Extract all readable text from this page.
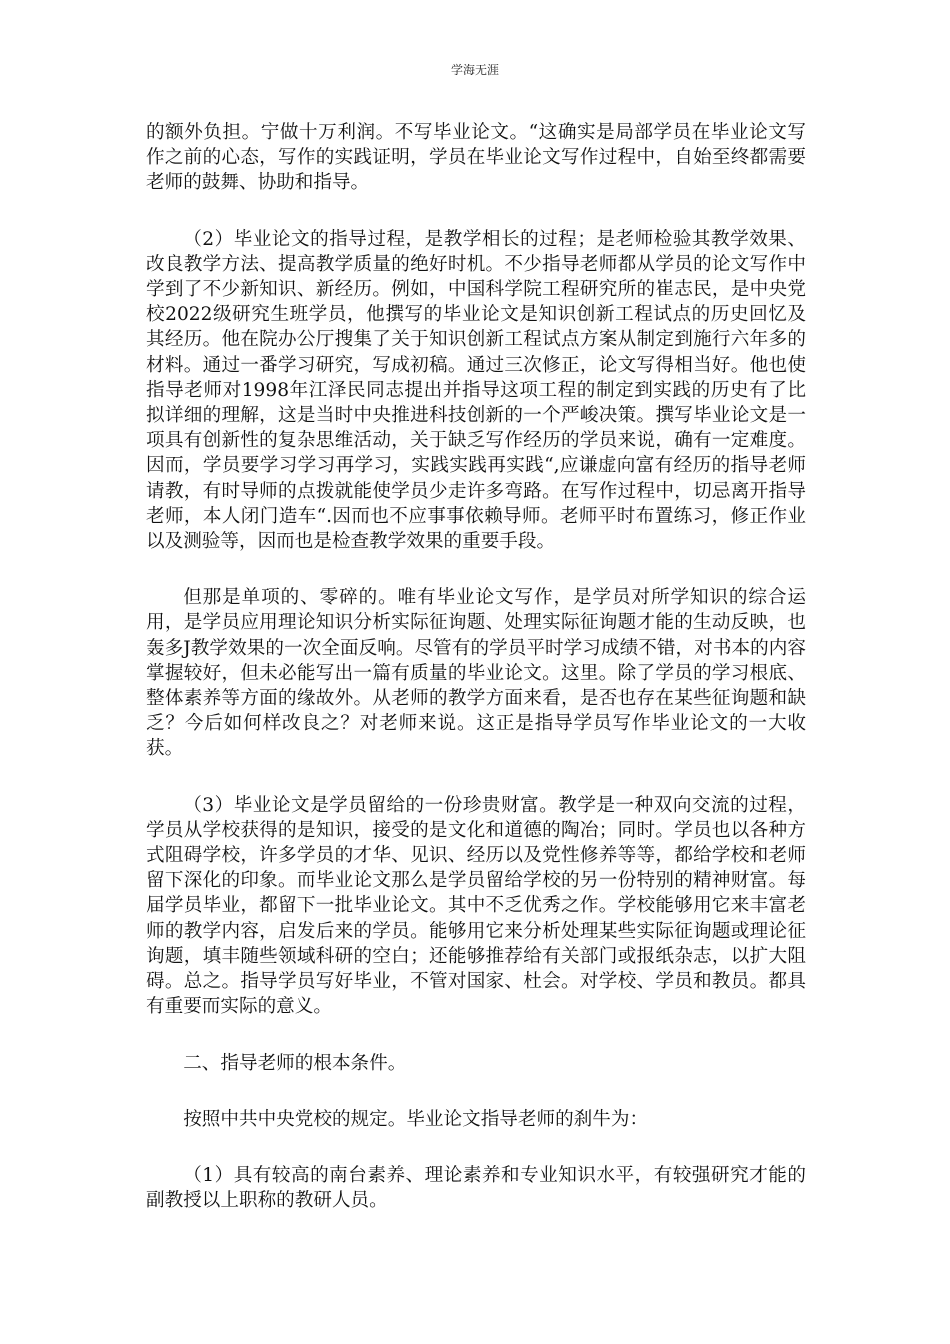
学海无涯

的额外负担。宁做十万利润。不写毕业论文。“这确实是局部学员在毕业论文写作之前的心态，写作的实践证明，学员在毕业论文写作过程中，自始至终都需要老师的鼓舞、协助和指导。

（2）毕业论文的指导过程，是教学相长的过程；是老师检验其教学效果、改良教学方法、提高教学质量的绝好时机。不少指导老师都从学员的论文写作中学到了不少新知识、新经历。例如，中国科学院工程研究所的崔志民，是中央党校2022级研究生班学员，他撰写的毕业论文是知识创新工程试点的历史回忆及其经历。他在院办公厅搜集了关于知识创新工程试点方案从制定到施行六年多的材料。通过一番学习研究，写成初稿。通过三次修正，论文写得相当好。他也使指导老师对1998年江泽民同志提出并指导这项工程的制定到实践的历史有了比拟详细的理解，这是当时中央推进科技创新的一个严峻决策。撰写毕业论文是一项具有创新性的复杂思维活动，关于缺乏写作经历的学员来说，确有一定难度。因而，学员要学习学习再学习，实践实践再实践“,应谦虚向富有经历的指导老师请教，有时导师的点拨就能使学员少走许多弯路。在写作过程中，切忌离开指导老师，本人闭门造车“.因而也不应事事依赖导师。老师平时布置练习，修正作业以及测验等，因而也是检查教学效果的重要手段。

但那是单项的、零碎的。唯有毕业论文写作，是学员对所学知识的综合运用，是学员应用理论知识分析实际征询题、处理实际征询题才能的生动反映，也轰多J教学效果的一次全面反响。尽管有的学员平时学习成绩不错，对书本的内容掌握较好，但未必能写出一篇有质量的毕业论文。这里。除了学员的学习根底、整体素养等方面的缘故外。从老师的教学方面来看，是否也存在某些征询题和缺乏？今后如何样改良之？对老师来说。这正是指导学员写作毕业论文的一大收获。

（3）毕业论文是学员留给的一份珍贵财富。教学是一种双向交流的过程，学员从学校获得的是知识，接受的是文化和道德的陶冶；同时。学员也以各种方式阻碍学校，许多学员的才华、见识、经历以及党性修养等等，都给学校和老师留下深化的印象。而毕业论文那么是学员留给学校的另一份特别的精神财富。每届学员毕业，都留下一批毕业论文。其中不乏优秀之作。学校能够用它来丰富老师的教学内容，启发后来的学员。能够用它来分析处理某些实际征询题或理论征询题，填丰随些领域科研的空白；还能够推荐给有关部门或报纸杂志，以扩大阻碍。总之。指导学员写好毕业，不管对国家、杜会。对学校、学员和教员。都具有重要而实际的意义。

二、指导老师的根本条件。

按照中共中央党校的规定。毕业论文指导老师的刹牛为：

（1）具有较高的南台素养、理论素养和专业知识水平，有较强研究才能的副教授以上职称的教研人员。
